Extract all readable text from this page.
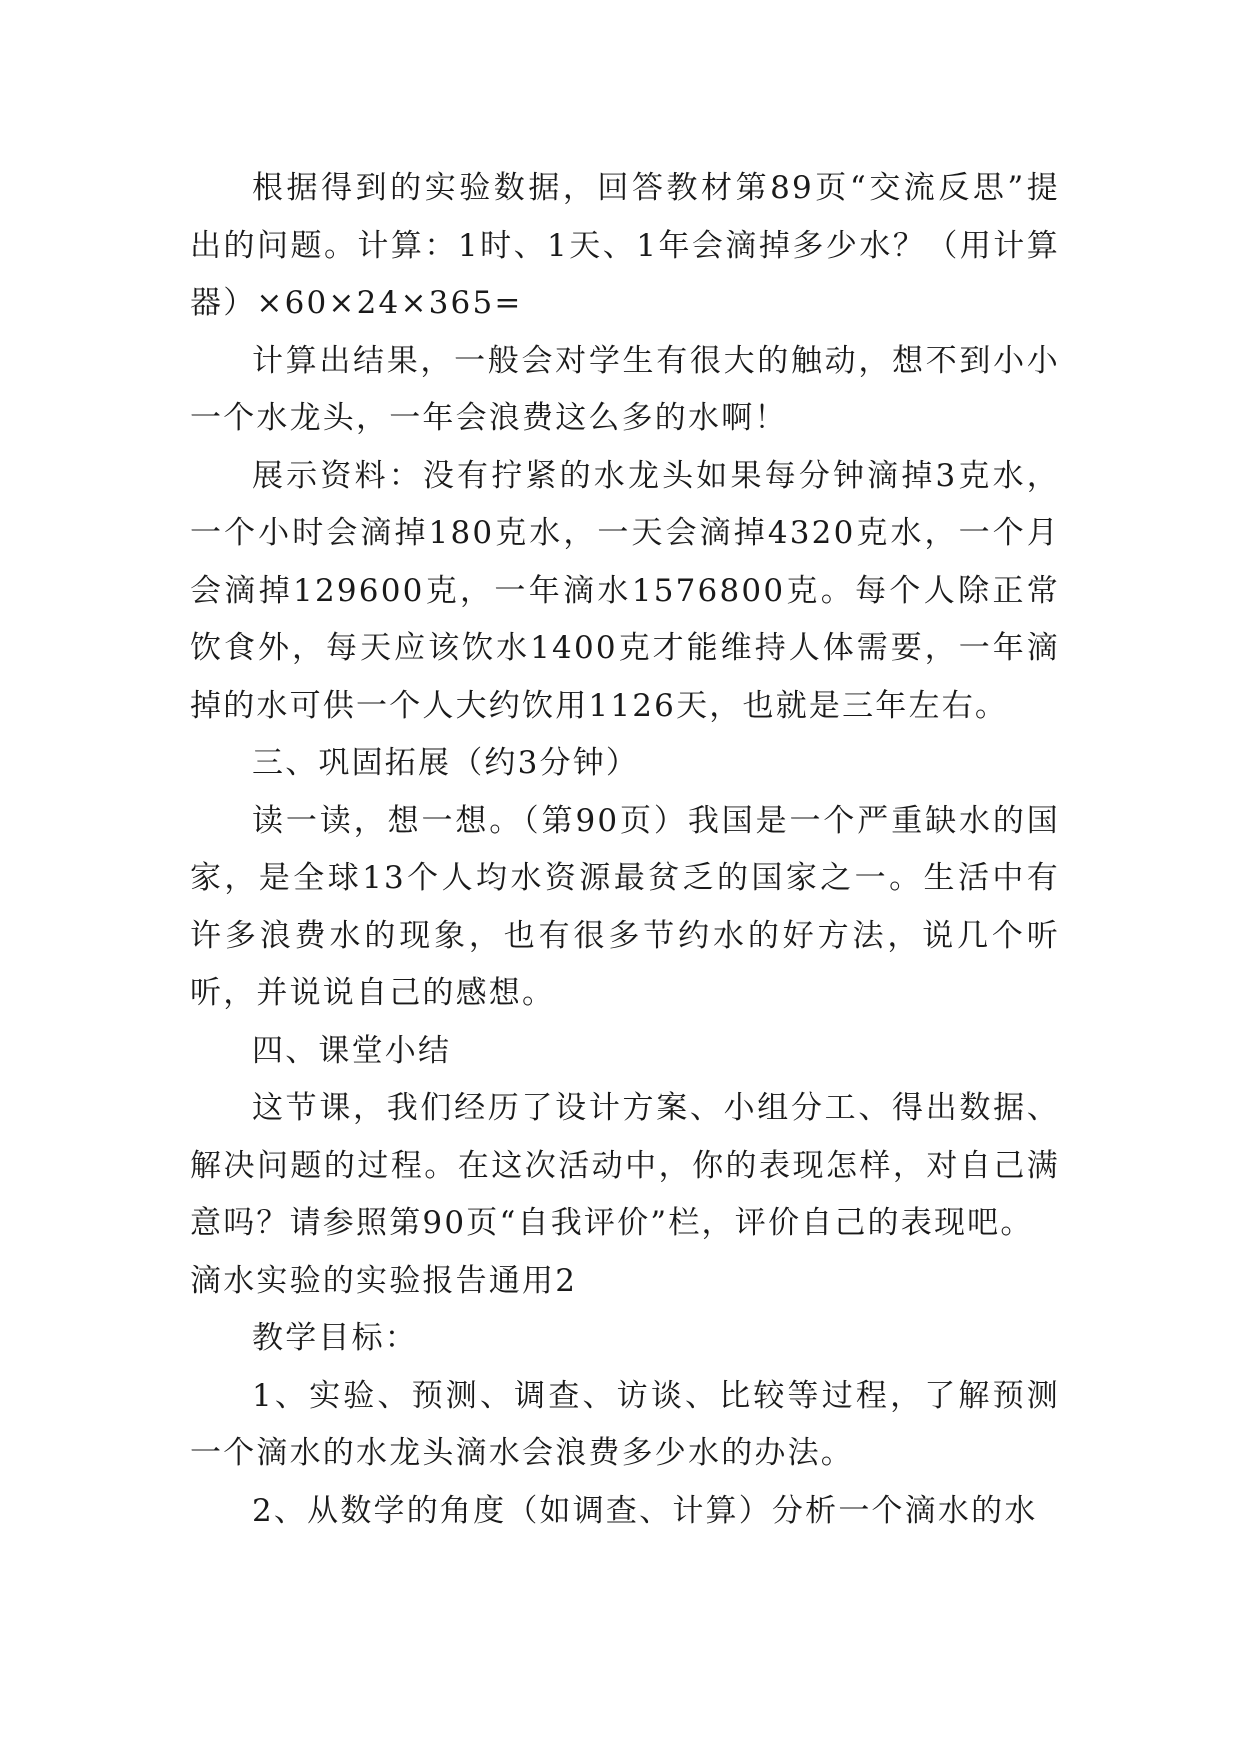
根据得到的实验数据，回答教材第89页“交流反思”提出的问题。计算：1时、1天、1年会滴掉多少水？（用计算器）×60×24×365=

计算出结果，一般会对学生有很大的触动，想不到小小一个水龙头，一年会浪费这么多的水啊！

展示资料：没有拧紧的水龙头如果每分钟滴掉3克水，一个小时会滴掉180克水，一天会滴掉4320克水，一个月会滴掉129600克，一年滴水1576800克。每个人除正常饮食外，每天应该饮水1400克才能维持人体需要，一年滴掉的水可供一个人大约饮用1126天，也就是三年左右。

三、巩固拓展（约3分钟）

读一读，想一想。（第90页）我国是一个严重缺水的国家，是全球13个人均水资源最贫乏的国家之一。生活中有许多浪费水的现象，也有很多节约水的好方法，说几个听听，并说说自己的感想。

四、课堂小结

这节课，我们经历了设计方案、小组分工、得出数据、解决问题的过程。在这次活动中，你的表现怎样，对自己满意吗？请参照第90页“自我评价”栏，评价自己的表现吧。

滴水实验的实验报告通用2

教学目标：

1、实验、预测、调查、访谈、比较等过程，了解预测一个滴水的水龙头滴水会浪费多少水的办法。

2、从数学的角度（如调查、计算）分析一个滴水的水
